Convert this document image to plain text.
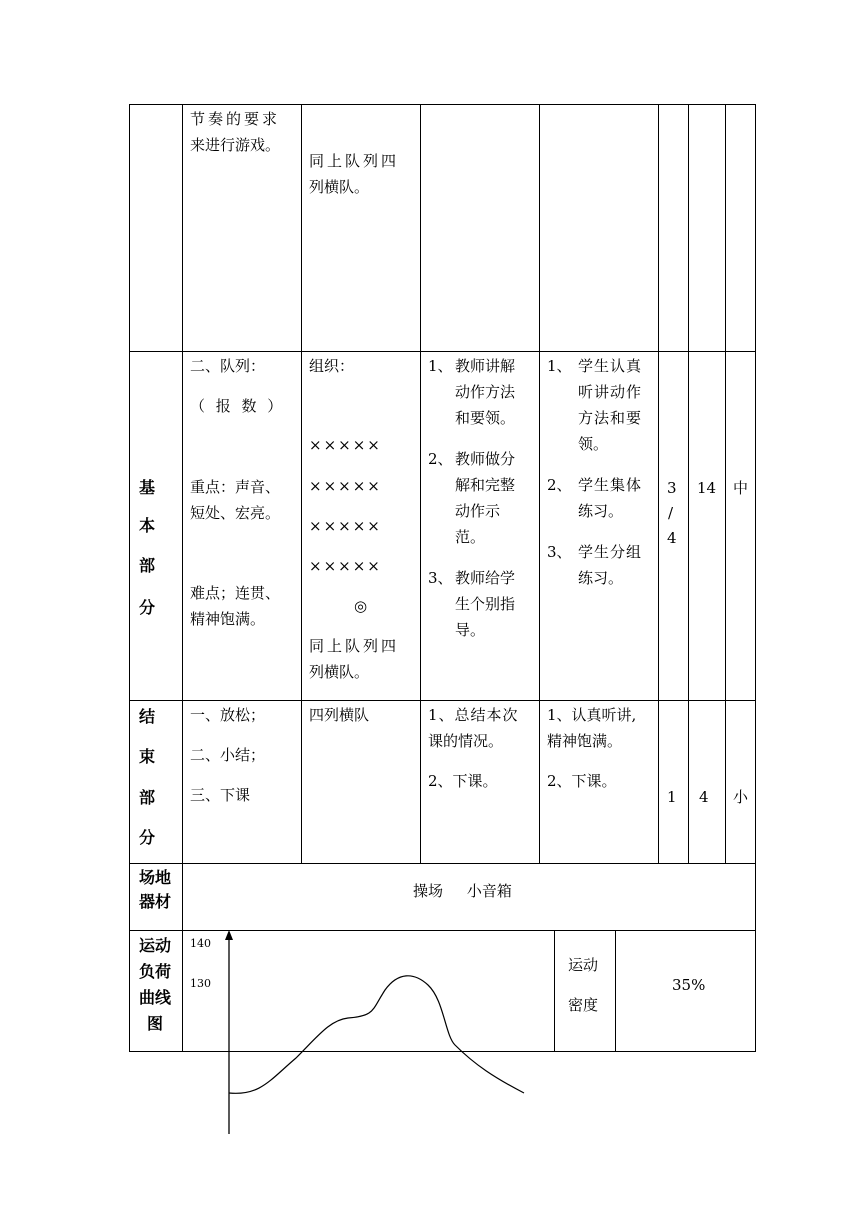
节奏的要求
来进行游戏。
同上队列四
列横队。
基
本
部
分
二、队列：
（ 报 数 ）
重点：声音、
短处、宏亮。
难点；连贯、
精神饱满。
组织：
×××××
×××××
×××××
×××××
◎
同上队列四
列横队。
1、 教师讲解
动作方法
和要领。
2、 教师做分
解和完整
动作示
范。
3、 教师给学
生个别指
导。
1、 学生认真
听讲动作
方法和要
领。
2、 学生集体
练习。
3、 学生分组
练习。
3
/
4
14 中
结
束
部
分
一、放松；
二、小结；
三、下课
四列横队	1、总结本次
课的情况。
2、下课。
1、认真听讲,
精神饱满。
2、下课。
1 4 小
场地
器材
操场     小音箱
运动
负荷
曲线
图
140
130
运动
密度
35%
